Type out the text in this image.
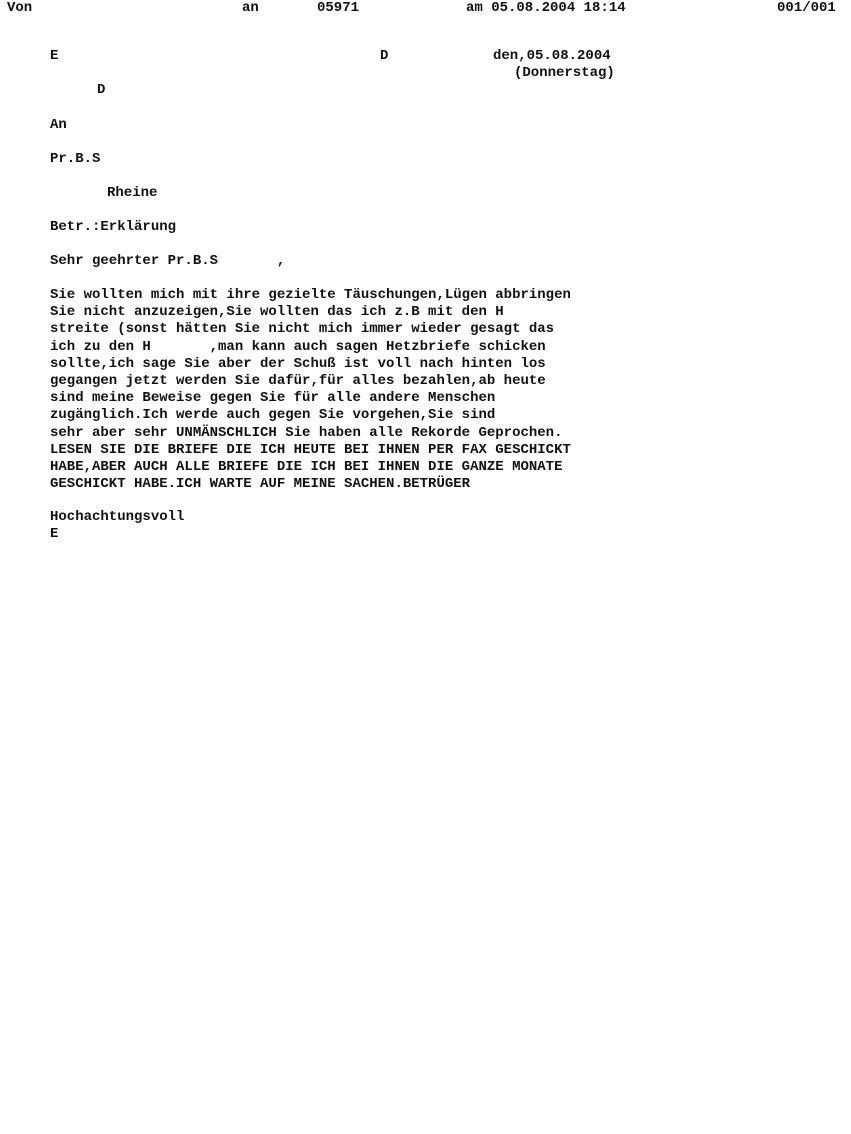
Von	an	05971	am 05.08.2004 18:14	001/001
E	D	den,05.08.2004
(Donnerstag)
D
An
Pr.B.S
Rheine
Betr.:Erklärung
Sehr geehrter Pr.B.S       ,
Sie wollten mich mit ihre gezielte Täuschungen,Lügen abbringen
Sie nicht anzuzeigen,Sie wollten das ich z.B mit den H
streite (sonst hätten Sie nicht mich immer wieder gesagt das
ich zu den H       ,man kann auch sagen Hetzbriefe schicken
sollte,ich sage Sie aber der Schuß ist voll nach hinten los
gegangen jetzt werden Sie dafür,für alles bezahlen,ab heute
sind meine Beweise gegen Sie für alle andere Menschen
zugänglich.Ich werde auch gegen Sie vorgehen,Sie sind
sehr aber sehr UNMÄNSCHLICH Sie haben alle Rekorde Geprochen.
LESEN SIE DIE BRIEFE DIE ICH HEUTE BEI IHNEN PER FAX GESCHICKT
HABE,ABER AUCH ALLE BRIEFE DIE ICH BEI IHNEN DIE GANZE MONATE
GESCHICKT HABE.ICH WARTE AUF MEINE SACHEN.BETRÜGER
Hochachtungsvoll
E
